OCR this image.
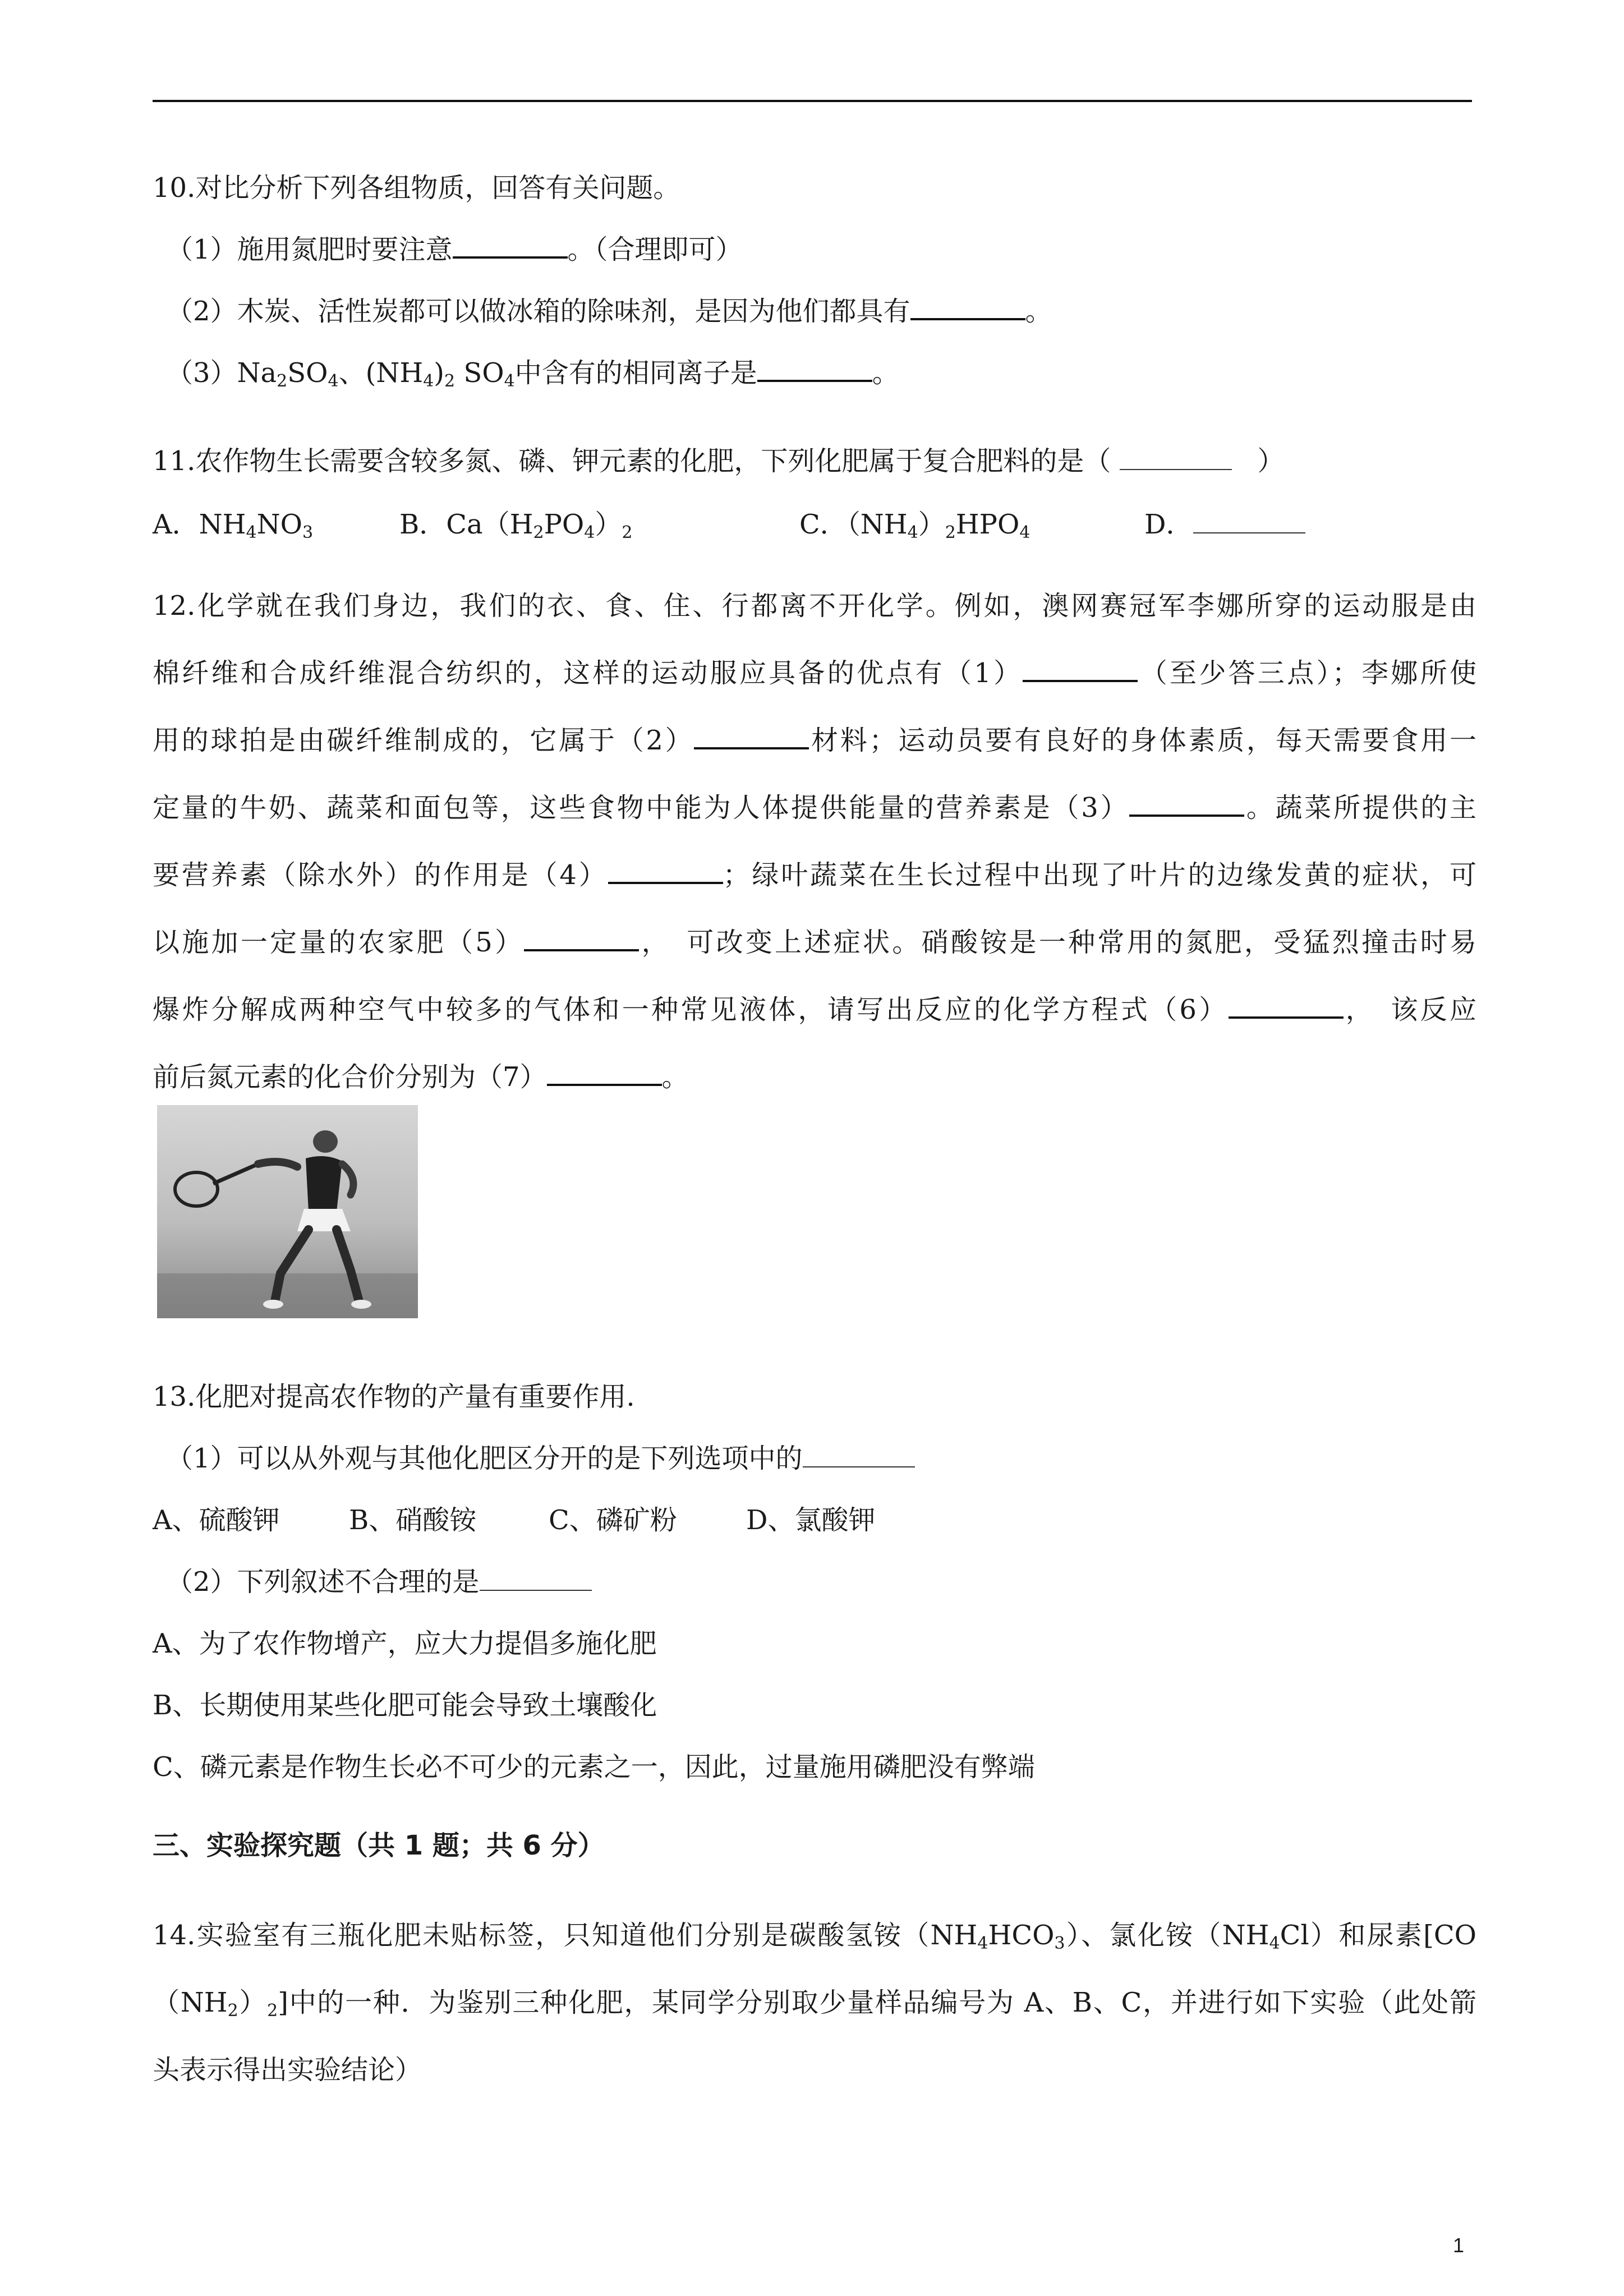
10.对比分析下列各组物质，回答有关问题。
（1）施用氮肥时要注意	。（合理即可）
（2）木炭、活性炭都可以做冰箱的除味剂，是因为他们都具有	。
$(3)Na_2SO_4$、$(NH_4)_2$ $SO_4$中含有的相同离子是	。
11.农作物生长需要含较多氮、磷、钾元素的化肥，下列化肥属于复合肥料的是（	）
A．$NH_4NO_3$	B．$Ca(H_2PO_4)_2$	C．$(NH_4)_2HPO_4$	D．
12.化学就在我们身边，我们的衣、食、住、行都离不开化学。例如，澳网赛冠军李娜所穿的运动服是由
棉纤维和合成纤维混合纺织的，这样的运动服应具备的优点有（1）	（至少答三点）；李娜所使
用的球拍是由碳纤维制成的，它属于（2）	材料；运动员要有良好的身体素质，每天需要食用一
定量的牛奶、蔬菜和面包等，这些食物中能为人体提供能量的营养素是（3）	。蔬菜所提供的主
要营养素（除水外）的作用是（4）	；绿叶蔬菜在生长过程中出现了叶片的边缘发黄的症状，可
以施加一定量的农家肥（5）	，　可改变上述症状。硝酸铵是一种常用的氮肥，受猛烈撞击时易
爆炸分解成两种空气中较多的气体和一种常见液体，请写出反应的化学方程式（6）	，　该反应
前后氮元素的化合价分别为（7）	。
13.化肥对提高农作物的产量有重要作用.
（1）可以从外观与其他化肥区分开的是下列选项中的
A、硫酸钾	B、硝酸铵	C、磷矿粉	D、氯酸钾
（2）下列叙述不合理的是
A、为了农作物增产，应大力提倡多施化肥
B、长期使用某些化肥可能会导致土壤酸化
C、磷元素是作物生长必不可少的元素之一，因此，过量施用磷肥没有弊端
三、实验探究题（共 1 题；共 6 分）
14.实验室有三瓶化肥未贴标签，只知道他们分别是碳酸氢铵$(NH_4HCO_3)$、氯化铵$(NH_4Cl)$和尿素[CO
$(NH_2)_2$]中的一种．为鉴别三种化肥，某同学分别取少量样品编号为 A、B、C，并进行如下实验（此处箭
头表示得出实验结论）
1
